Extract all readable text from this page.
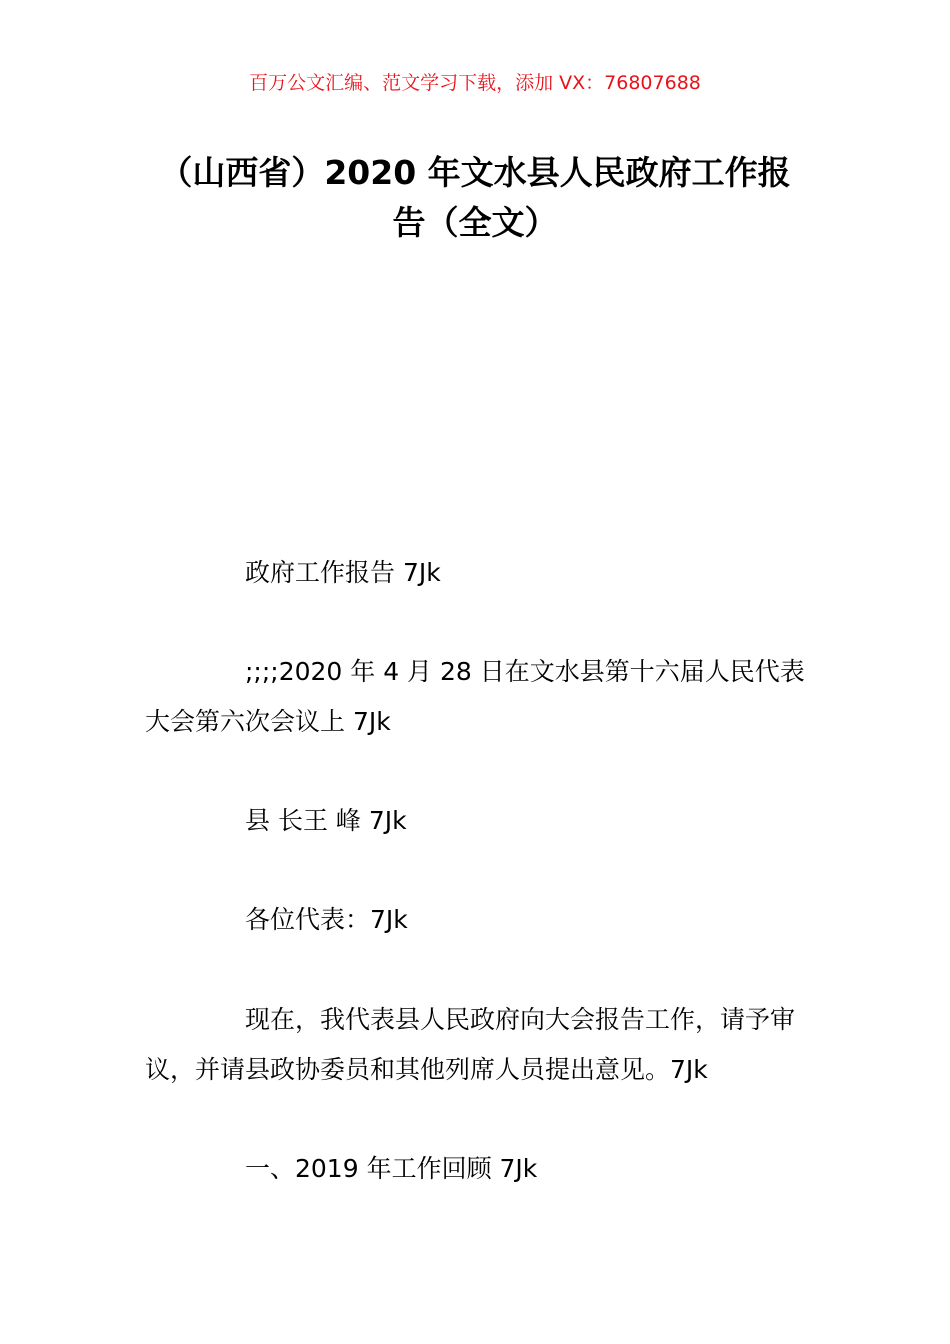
百万公文汇编、范文学习下载，添加 VX：76807688
（山西省）2020 年文水县人民政府工作报
告（全文）
政府工作报告 7Jk
;;;;2020 年 4 月 28 日在文水县第十六届人民代表大会第六次会议上 7Jk
县 长王 峰 7Jk
各位代表：7Jk
现在，我代表县人民政府向大会报告工作，请予审议，并请县政协委员和其他列席人员提出意见。7Jk
一、2019 年工作回顾 7Jk
